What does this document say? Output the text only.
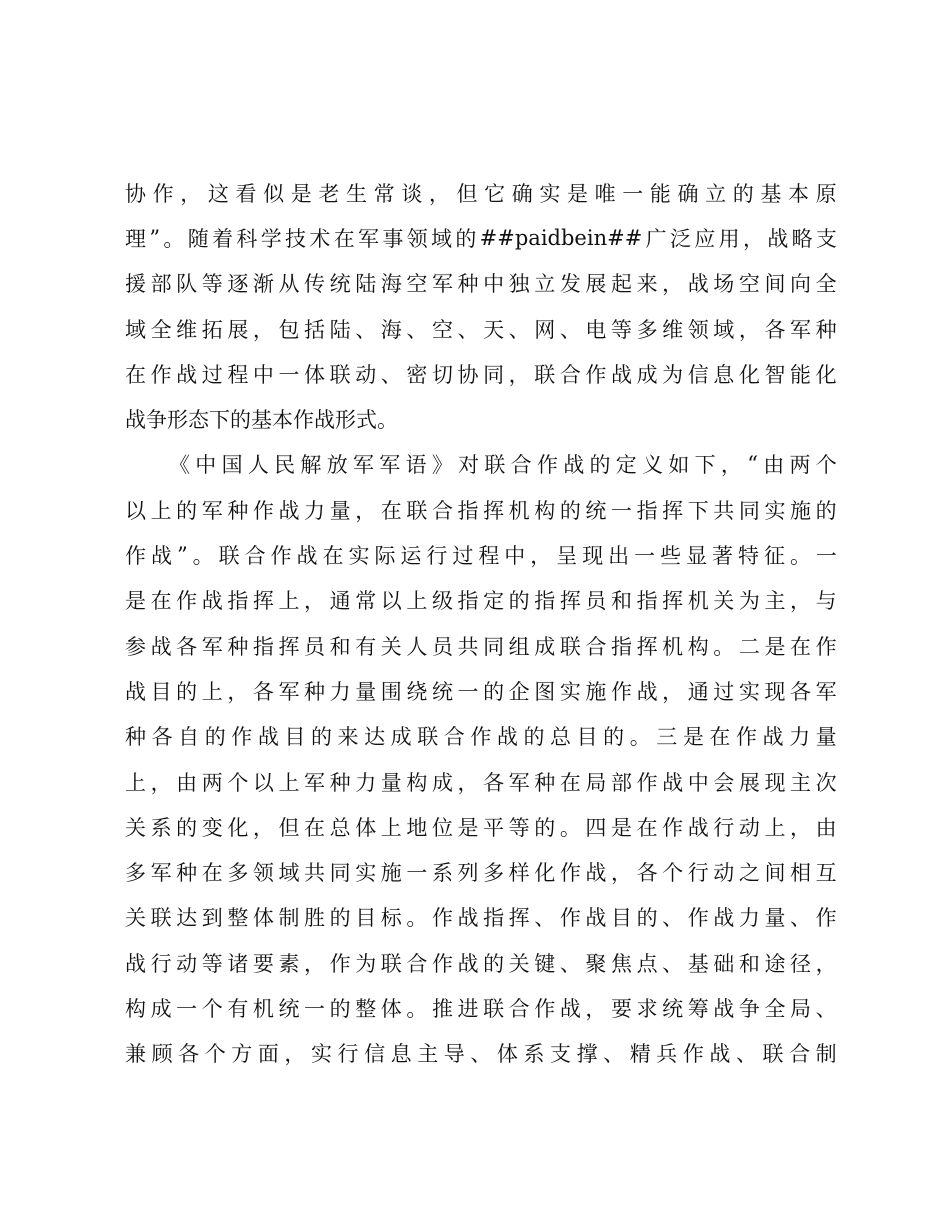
协 作 ， 这 看 似 是 老 生 常 谈 ， 但 它 确 实 是 唯 一 能 确 立 的 基 本 原
理 ” 。 随 着 科 学 技 术 在 军 事 领 域 的 ##paidbein## 广 泛 应 用 ， 战 略 支
援 部 队 等 逐 渐 从 传 统 陆 海 空 军 种 中 独 立 发 展 起 来 ， 战 场 空 间 向 全
域 全 维 拓 展 ， 包 括 陆 、 海 、 空 、 天 、 网 、 电 等 多 维 领 域 ， 各 军 种
在 作 战 过 程 中 一 体 联 动 、 密 切 协 同 ， 联 合 作 战 成 为 信 息 化 智 能 化
战 争 形 态 下 的 基 本 作 战 形 式 。
《 中 国 人 民 解 放 军 军 语 》 对 联 合 作 战 的 定 义 如 下 ， “ 由 两 个
以 上 的 军 种 作 战 力 量 ， 在 联 合 指 挥 机 构 的 统 一 指 挥 下 共 同 实 施 的
作 战 ” 。 联 合 作 战 在 实 际 运 行 过 程 中 ， 呈 现 出 一 些 显 著 特 征 。 一
是 在 作 战 指 挥 上 ， 通 常 以 上 级 指 定 的 指 挥 员 和 指 挥 机 关 为 主 ， 与
参 战 各 军 种 指 挥 员 和 有 关 人 员 共 同 组 成 联 合 指 挥 机 构 。 二 是 在 作
战 目 的 上 ， 各 军 种 力 量 围 绕 统 一 的 企 图 实 施 作 战 ， 通 过 实 现 各 军
种 各 自 的 作 战 目 的 来 达 成 联 合 作 战 的 总 目 的 。 三 是 在 作 战 力 量
上 ， 由 两 个 以 上 军 种 力 量 构 成 ， 各 军 种 在 局 部 作 战 中 会 展 现 主 次
关 系 的 变 化 ， 但 在 总 体 上 地 位 是 平 等 的 。 四 是 在 作 战 行 动 上 ， 由
多 军 种 在 多 领 域 共 同 实 施 一 系 列 多 样 化 作 战 ， 各 个 行 动 之 间 相 互
关 联 达 到 整 体 制 胜 的 目 标 。 作 战 指 挥 、 作 战 目 的 、 作 战 力 量 、 作
战 行 动 等 诸 要 素 ， 作 为 联 合 作 战 的 关 键 、 聚 焦 点 、 基 础 和 途 径 ，
构 成 一 个 有 机 统 一 的 整 体 。 推 进 联 合 作 战 ， 要 求 统 筹 战 争 全 局 、
兼 顾 各 个 方 面 ， 实 行 信 息 主 导 、 体 系 支 撑 、 精 兵 作 战 、 联 合 制
